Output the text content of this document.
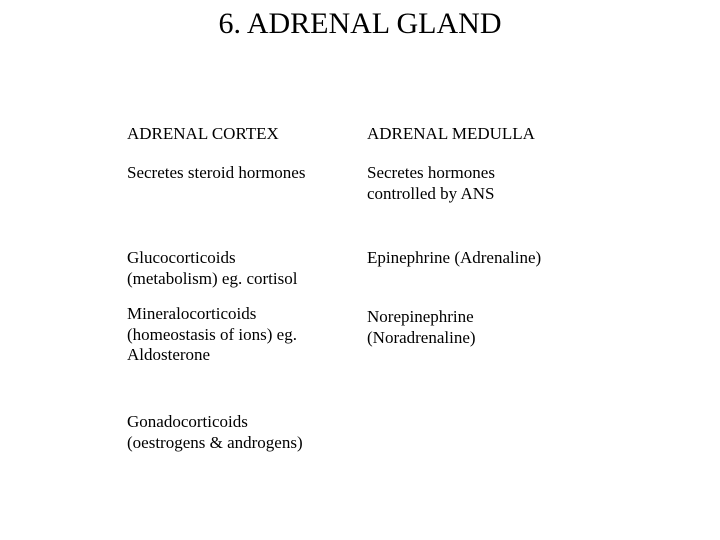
6. ADRENAL GLAND
ADRENAL CORTEX
Secretes steroid hormones
Glucocorticoids
(metabolism) eg. cortisol
Mineralocorticoids
(homeostasis of ions) eg.
Aldosterone
Gonadocorticoids
(oestrogens & androgens)
ADRENAL MEDULLA
Secretes hormones
controlled by ANS
Epinephrine (Adrenaline)
Norepinephrine
(Noradrenaline)
